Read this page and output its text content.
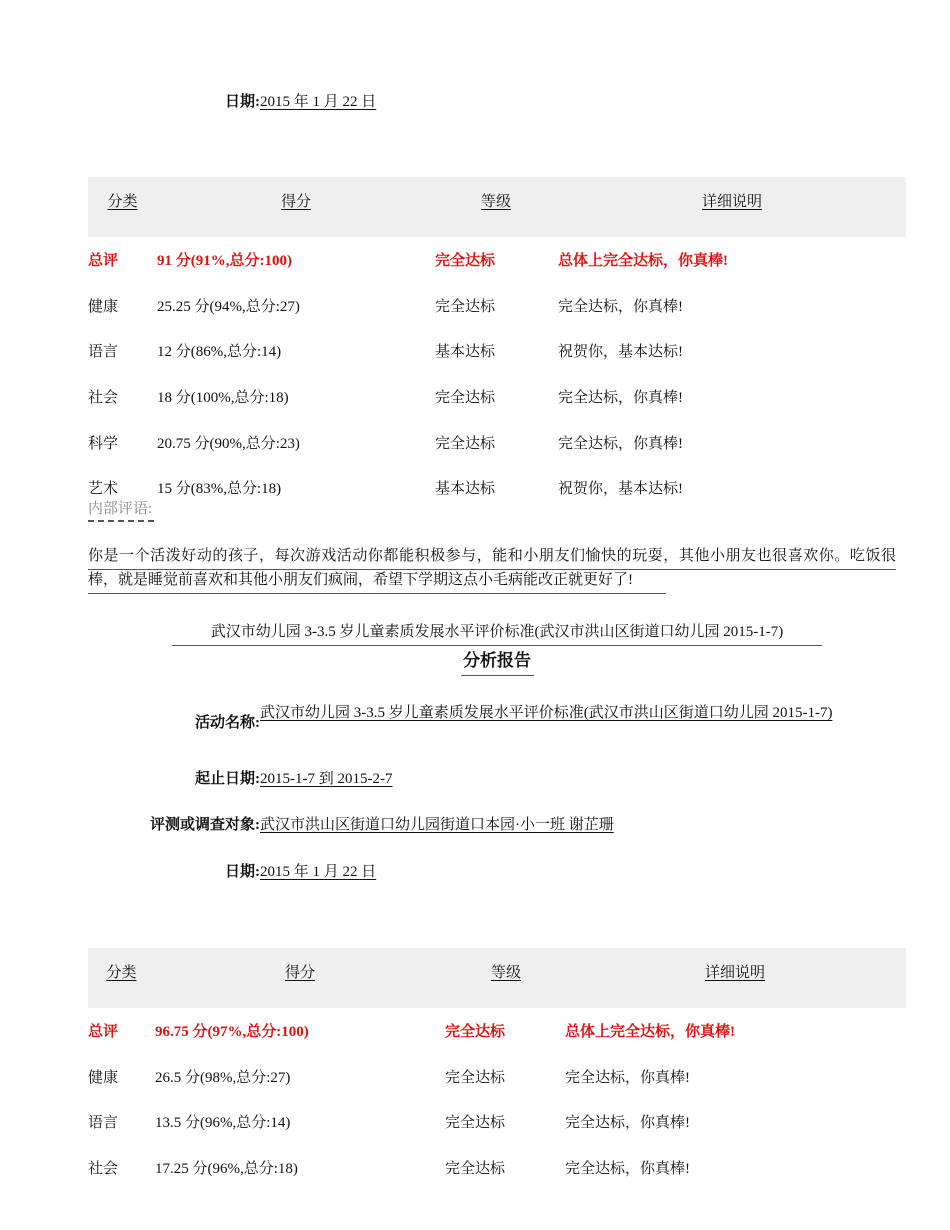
日期: 2015 年 1 月 22 日
分类	得分	等级	详细说明
总评	91 分(91%,总分:100)	完全达标	总体上完全达标，你真棒!
健康	25.25 分(94%,总分:27)	完全达标	完全达标，你真棒!
语言	12 分(86%,总分:14)	基本达标	祝贺你，基本达标!
社会	18 分(100%,总分:18)	完全达标	完全达标，你真棒!
科学	20.75 分(90%,总分:23)	完全达标	完全达标，你真棒!
艺术	15 分(83%,总分:18)	基本达标	祝贺你，基本达标!
内部评语:
你是一个活泼好动的孩子，每次游戏活动你都能积极参与，能和小朋友们愉快的玩耍，其他小朋友也很喜欢你。吃饭很棒，就是睡觉前喜欢和其他小朋友们疯闹，希望下学期这点小毛病能改正就更好了!
武汉市幼儿园 3-3.5 岁儿童素质发展水平评价标准(武汉市洪山区街道口幼儿园 2015-1-7)
分析报告
活动名称:
武汉市幼儿园 3-3.5 岁儿童素质发展水平评价标准(武汉市洪山区街道口幼儿园 2015-1-7)
起止日期: 2015-1-7 到 2015-2-7
评测或调查对象: 武汉市洪山区街道口幼儿园街道口本园·小一班 谢芷珊
日期: 2015 年 1 月 22 日
分类	得分	等级	详细说明
总评	96.75 分(97%,总分:100)	完全达标	总体上完全达标，你真棒!
健康	26.5 分(98%,总分:27)	完全达标	完全达标，你真棒!
语言	13.5 分(96%,总分:14)	完全达标	完全达标，你真棒!
社会	17.25 分(96%,总分:18)	完全达标	完全达标，你真棒!
